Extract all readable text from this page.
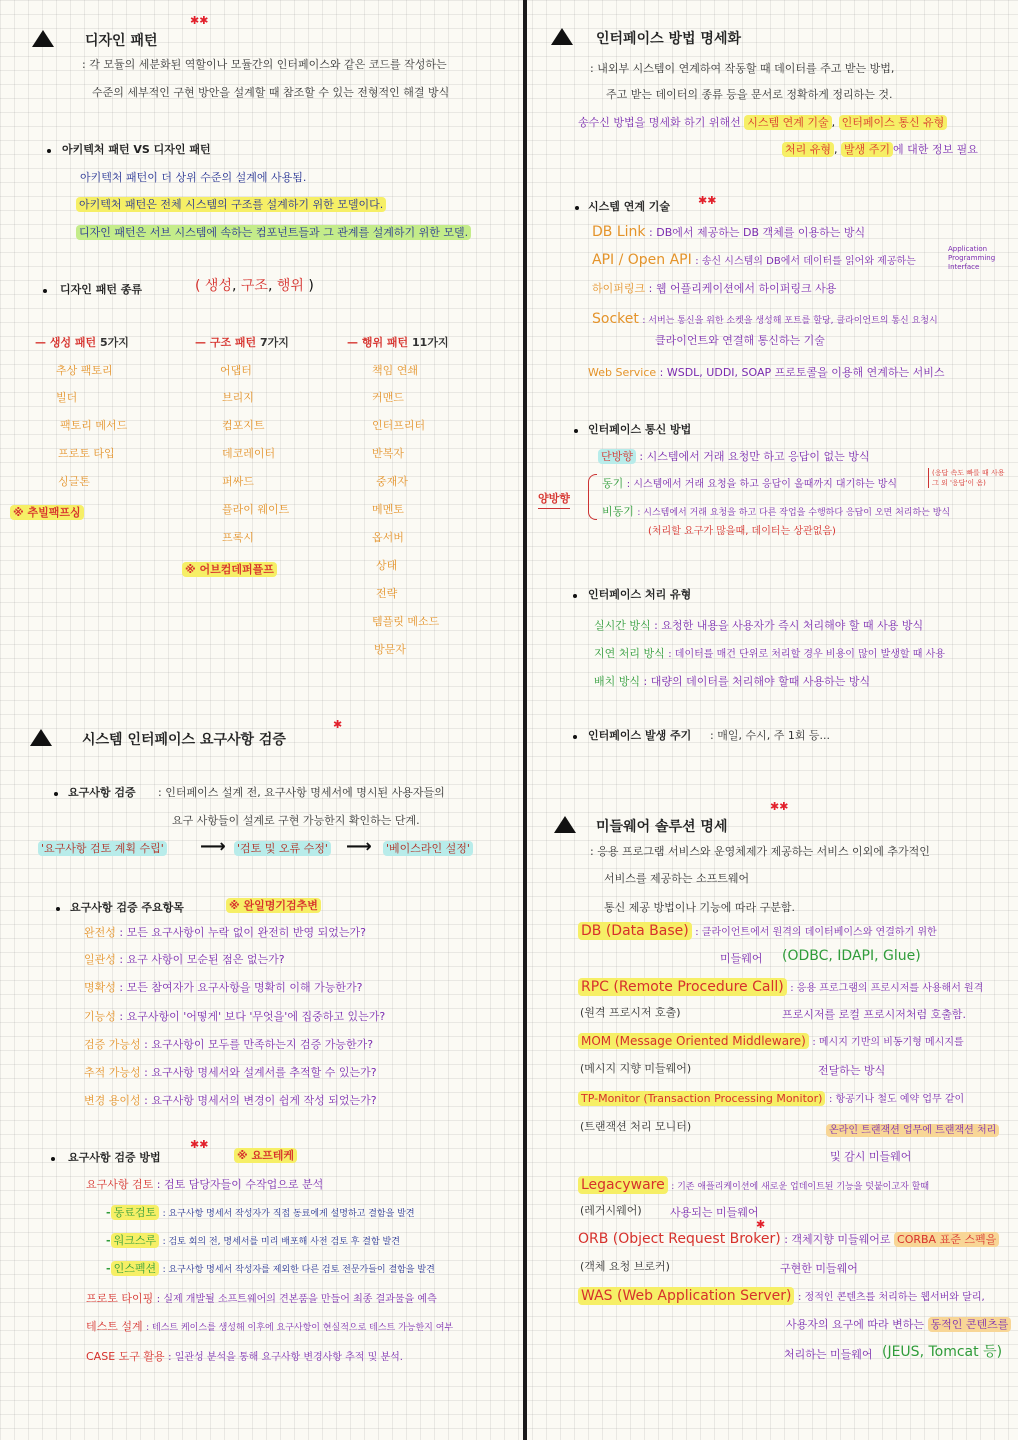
디자인 패턴
✱✱
: 각 모듈의 세분화된 역할이나 모듈간의 인터페이스와 같은 코드를 작성하는
수준의 세부적인 구현 방안을 설계할 때 참조할 수 있는 전형적인 해결 방식
아키텍처 패턴 VS 디자인 패턴
아키텍처 패턴이 더 상위 수준의 설계에 사용됨.
아키텍처 패턴은 전체 시스템의 구조를 설계하기 위한 모델이다.
디자인 패턴은 서브 시스템에 속하는 컴포넌트들과 그 관계를 설계하기 위한 모델.
디자인 패턴 종류	( 생성, 구조, 행위 )
— 생성 패턴 5가지
추상 팩토리
빌더
팩토리 메서드
프로토 타입
싱글톤
※ 추빌팩프싱
— 구조 패턴 7가지
어댑터
브리지
컴포지트
데코레이터
퍼싸드
플라이 웨이트
프록시
※ 어브컴데퍼플프
— 행위 패턴 11가지
책임 연쇄
커맨드
인터프리터
반복자
중재자
메멘토
옵서버
상태
전략
템플릿 메소드
방문자
시스템 인터페이스 요구사항 검증
✱
요구사항 검증 : 인터페이스 설계 전, 요구사항 명세서에 명시된 사용자들의
요구 사항들이 설계로 구현 가능한지 확인하는 단계.
'요구사항 검토 계획 수립' ⟶ '검토 및 오류 수정' ⟶ '베이스라인 설정'
요구사항 검증 주요항목	※ 완일명기검추변
완전성 : 모든 요구사항이 누락 없이 완전히 반영 되었는가?
일관성 : 요구 사항이 모순된 점은 없는가?
명확성 : 모든 참여자가 요구사항을 명확히 이해 가능한가?
기능성 : 요구사항이 '어떻게' 보다 '무엇을'에 집중하고 있는가?
검증 가능성 : 요구사항이 모두를 만족하는지 검증 가능한가?
추적 가능성 : 요구사항 명세서와 설계서를 추적할 수 있는가?
변경 용이성 : 요구사항 명세서의 변경이 쉽게 작성 되었는가?
요구사항 검증 방법
✱✱
※ 요프테케
요구사항 검토 : 검토 담당자들이 수작업으로 분석
- 동료검토 : 요구사항 명세서 작성자가 직접 동료에게 설명하고 결함을 발견
- 워크스루 : 검토 회의 전, 명세서를 미리 배포해 사전 검토 후 결함 발견
- 인스펙션 : 요구사항 명세서 작성자를 제외한 다른 검토 전문가들이 결함을 발견
프로토 타이핑 : 실제 개발될 소프트웨어의 견본품을 만들어 최종 결과물을 예측
테스트 설계 : 테스트 케이스를 생성해 이후에 요구사항이 현실적으로 테스트 가능한지 여부
CASE 도구 활용 : 일관성 분석을 통해 요구사항 변경사항 추적 및 분석.
인터페이스 방법 명세화
: 내외부 시스템이 연계하여 작동할 때 데이터를 주고 받는 방법,
주고 받는 데이터의 종류 등을 문서로 정확하게 정리하는 것.
송수신 방법을 명세화 하기 위해선 시스템 연계 기술 , 인터페이스 통신 유형
처리 유형 , 발생 주기 에 대한 정보 필요
시스템 연계 기술	✱✱
DB Link : DB에서 제공하는 DB 객체를 이용하는 방식
API / Open API : 송신 시스템의 DB에서 데이터를 읽어와 제공하는
Application Programming Interface
하이퍼링크 : 웹 어플리케이션에서 하이퍼링크 사용
Socket : 서버는 통신을 위한 소켓을 생성해 포트를 할당, 클라이언트의 통신 요청시
클라이언트와 연결해 통신하는 기술
Web Service : WSDL, UDDI, SOAP 프로토콜을 이용해 연계하는 서비스
인터페이스 통신 방법
단방향 : 시스템에서 거래 요청만 하고 응답이 없는 방식
양방향
동기 : 시스템에서 거래 요청을 하고 응답이 올때까지 대기하는 방식
(응답 속도 빠를 때 사용
그 외 '응답'이 옴)
비동기 : 시스템에서 거래 요청을 하고 다른 작업을 수행하다 응답이 오면 처리하는 방식
(처리할 요구가 많을때, 데이터는 상관없음)
인터페이스 처리 유형
실시간 방식 : 요청한 내용을 사용자가 즉시 처리해야 할 때 사용 방식
지연 처리 방식 : 데이터를 매건 단위로 처리할 경우 비용이 많이 발생할 때 사용
배치 방식 : 대량의 데이터를 처리해야 할때 사용하는 방식
인터페이스 발생 주기 : 매일, 수시, 주 1회 등...
미들웨어 솔루션 명세
✱✱
: 응용 프로그램 서비스와 운영체제가 제공하는 서비스 이외에 추가적인
서비스를 제공하는 소프트웨어
통신 제공 방법이나 기능에 따라 구분함.
DB (Data Base) : 클라이언트에서 원격의 데이터베이스와 연결하기 위한
미들웨어 (ODBC, IDAPI, Glue)
RPC (Remote Procedure Call) : 응용 프로그램의 프로시저를 사용해서 원격
(원격 프로시저 호출)	프로시저를 로컬 프로시저처럼 호출함.
MOM (Message Oriented Middleware) : 메시지 기반의 비동기형 메시지를
(메시지 지향 미들웨어)	전달하는 방식
TP-Monitor (Transaction Processing Monitor) : 항공기나 철도 예약 업무 같이
(트랜잭션 처리 모니터)	온라인 트랜잭션 업무에 트랜잭션 처리
및 감시 미들웨어
Legacyware : 기존 애플리케이션에 새로운 업데이트된 기능을 덧붙이고자 할때
(레거시웨어)	사용되는 미들웨어
✱
ORB (Object Request Broker) : 객체지향 미들웨어로 CORBA 표준 스펙을
(객체 요청 브로커)	구현한 미들웨어
WAS (Web Application Server) : 정적인 콘텐츠를 처리하는 웹서버와 달리,
사용자의 요구에 따라 변하는 동적인 콘텐츠를
처리하는 미들웨어 (JEUS, Tomcat 등)
